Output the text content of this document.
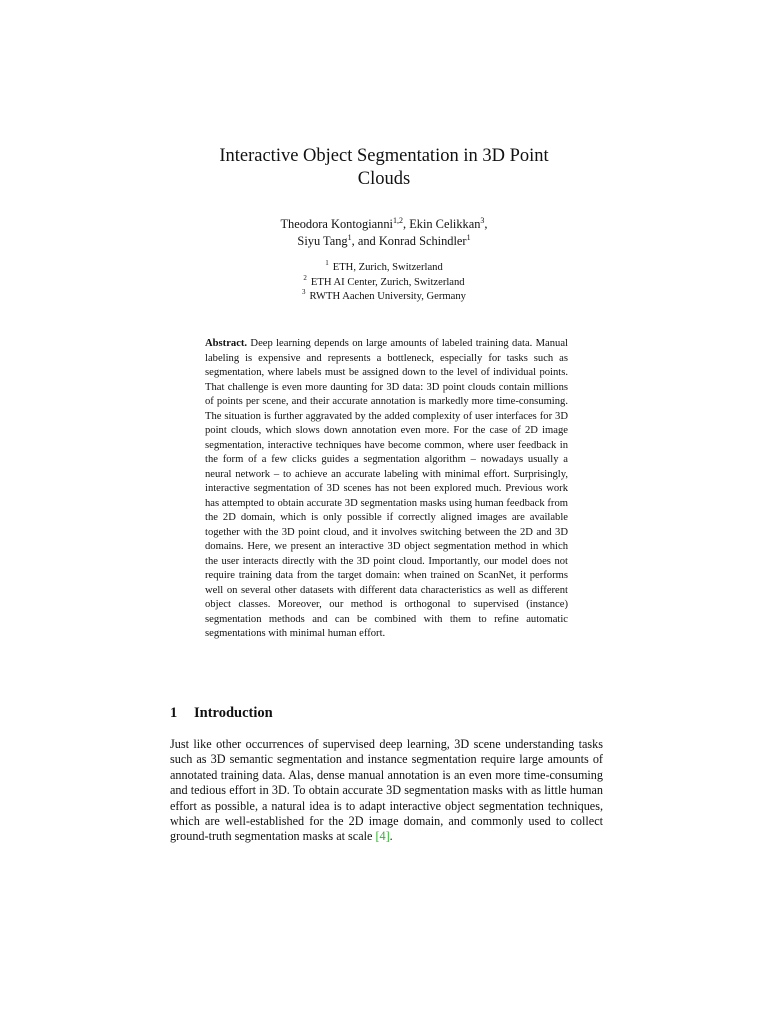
Interactive Object Segmentation in 3D Point
Clouds
Theodora Kontogianni$^{1,2}$, Ekin Celikkan$^3$,
Siyu Tang$^1$, and Konrad Schindler$^1$
$^1$ ETH, Zurich, Switzerland
$^2$ ETH AI Center, Zurich, Switzerland
$^3$ RWTH Aachen University, Germany
Abstract. Deep learning depends on large amounts of labeled training data. Manual labeling is expensive and represents a bottleneck, especially for tasks such as segmentation, where labels must be assigned down to the level of individual points. That challenge is even more daunting for 3D data: 3D point clouds contain millions of points per scene, and their accurate annotation is markedly more time-consuming. The situation is further aggravated by the added complexity of user interfaces for 3D point clouds, which slows down annotation even more. For the case of 2D image segmentation, interactive techniques have become common, where user feedback in the form of a few clicks guides a segmentation algorithm – nowadays usually a neural network – to achieve an accurate labeling with minimal effort. Surprisingly, interactive segmentation of 3D scenes has not been explored much. Previous work has attempted to obtain accurate 3D segmentation masks using human feedback from the 2D domain, which is only possible if correctly aligned images are available together with the 3D point cloud, and it involves switching between the 2D and 3D domains. Here, we present an interactive 3D object segmentation method in which the user interacts directly with the 3D point cloud. Importantly, our model does not require training data from the target domain: when trained on ScanNet, it performs well on several other datasets with different data characteristics as well as different object classes. Moreover, our method is orthogonal to supervised (instance) segmentation methods and can be combined with them to refine automatic segmentations with minimal human effort.
1 Introduction
Just like other occurrences of supervised deep learning, 3D scene understanding tasks such as 3D semantic segmentation and instance segmentation require large amounts of annotated training data. Alas, dense manual annotation is an even more time-consuming and tedious effort in 3D. To obtain accurate 3D segmentation masks with as little human effort as possible, a natural idea is to adapt interactive object segmentation techniques, which are well-established for the 2D image domain, and commonly used to collect ground-truth segmentation masks at scale [4].
